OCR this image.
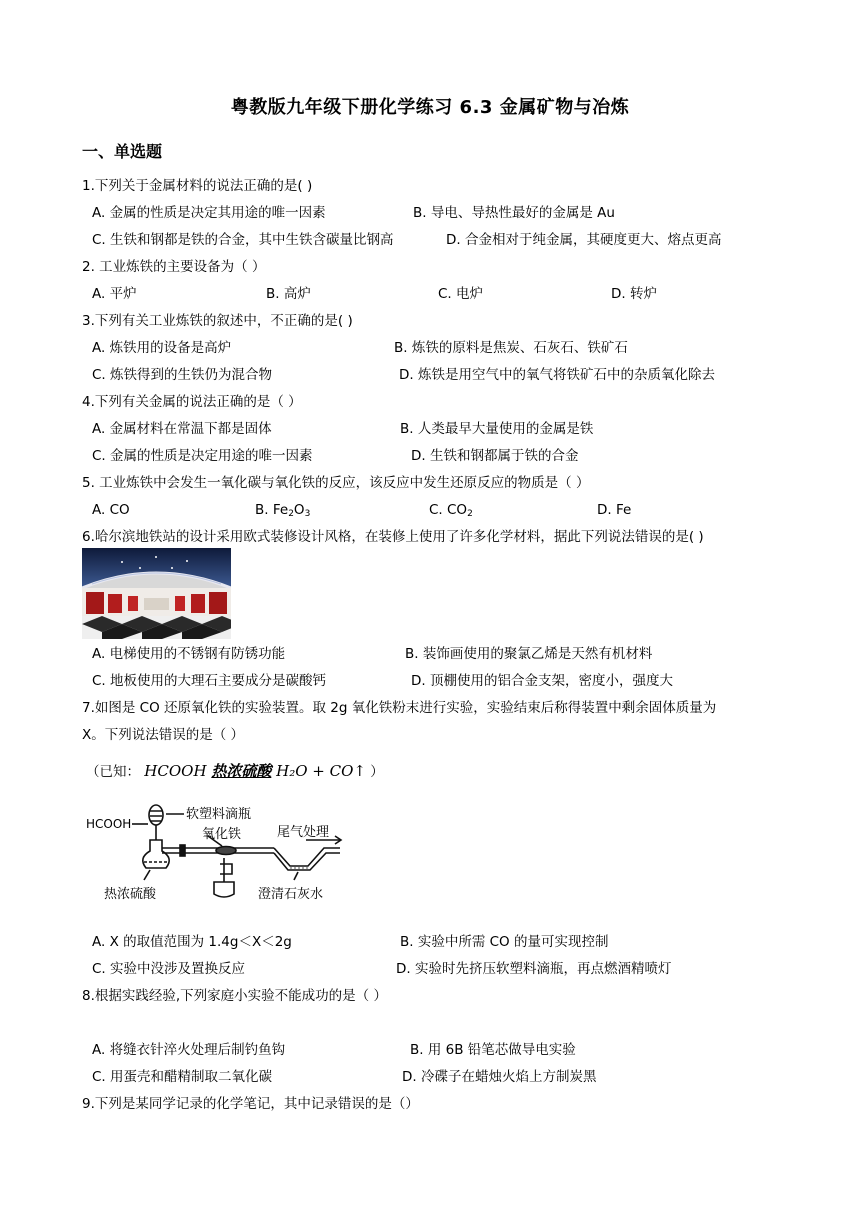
粤教版九年级下册化学练习 6.3 金属矿物与冶炼
一、单选题
1.下列关于金属材料的说法正确的是( )
A. 金属的性质是决定其用途的唯一因素	B. 导电、导热性最好的金属是 Au
C. 生铁和钢都是铁的合金，其中生铁含碳量比钢高	D. 合金相对于纯金属，其硬度更大、熔点更高
2. 工业炼铁的主要设备为（ ）
A. 平炉	B. 高炉	C. 电炉	D. 转炉
3.下列有关工业炼铁的叙述中，不正确的是( )
A. 炼铁用的设备是高炉	B. 炼铁的原料是焦炭、石灰石、铁矿石
C. 炼铁得到的生铁仍为混合物	D. 炼铁是用空气中的氧气将铁矿石中的杂质氧化除去
4.下列有关金属的说法正确的是（ ）
A. 金属材料在常温下都是固体	B. 人类最早大量使用的金属是铁
C. 金属的性质是决定用途的唯一因素	D. 生铁和钢都属于铁的合金
5. 工业炼铁中会发生一氧化碳与氧化铁的反应，该反应中发生还原反应的物质是（ ）
A. CO	B. $Fe_2O_3$	C. $CO_2$	D. Fe
6.哈尔滨地铁站的设计采用欧式装修设计风格，在装修上使用了许多化学材料，据此下列说法错误的是( )
A. 电梯使用的不锈钢有防锈功能	B. 装饰画使用的聚氯乙烯是天然有机材料
C. 地板使用的大理石主要成分是碳酸钙	D. 顶棚使用的铝合金支架，密度小，强度大
7.如图是 CO 还原氧化铁的实验装置。取 2g 氧化铁粉末进行实验，实验结束后称得装置中剩余固体质量为
X。下列说法错误的是（ ）
（已知： HCOOH 热浓硫酸 H₂O + CO↑ ）
HCOOH
软塑料滴瓶
氧化铁	尾气处理
热浓硫酸	澄清石灰水
A. X 的取值范围为 1.4g＜X＜2g	B. 实验中所需 CO 的量可实现控制
C. 实验中没涉及置换反应	D. 实验时先挤压软塑料滴瓶，再点燃酒精喷灯
8.根据实践经验,下列家庭小实验不能成功的是（ ）
A. 将缝衣针淬火处理后制钓鱼钩	B. 用 6B 铅笔芯做导电实验
C. 用蛋壳和醋精制取二氧化碳	D. 冷碟子在蜡烛火焰上方制炭黑
9.下列是某同学记录的化学笔记，其中记录错误的是（）
